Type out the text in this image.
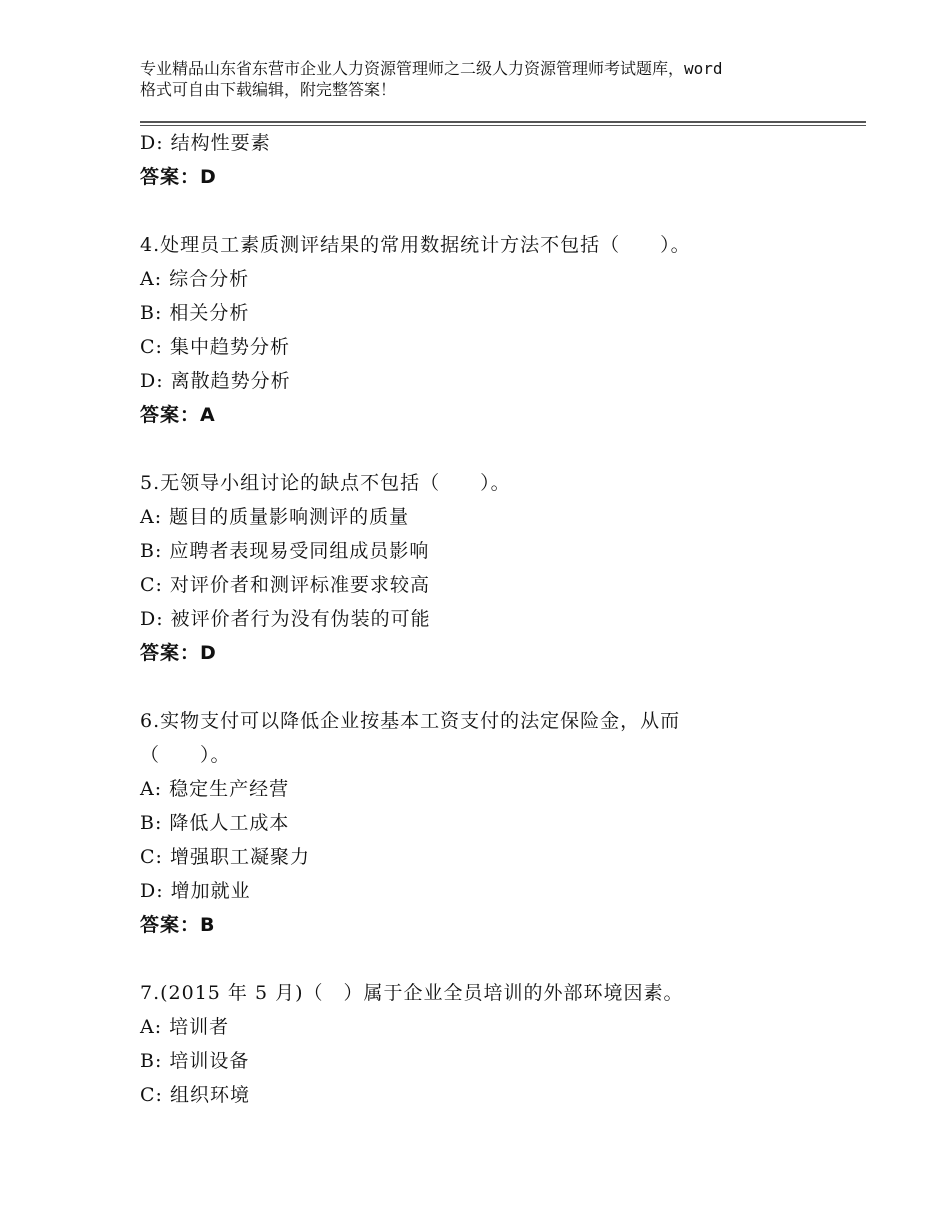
专业精品山东省东营市企业人力资源管理师之二级人力资源管理师考试题库，word
格式可自由下载编辑，附完整答案！
D: 结构性要素
答案：D
4.处理员工素质测评结果的常用数据统计方法不包括（　　）。
A: 综合分析
B: 相关分析
C: 集中趋势分析
D: 离散趋势分析
答案：A
5.无领导小组讨论的缺点不包括（　　）。
A: 题目的质量影响测评的质量
B: 应聘者表现易受同组成员影响
C: 对评价者和测评标准要求较高
D: 被评价者行为没有伪装的可能
答案：D
6.实物支付可以降低企业按基本工资支付的法定保险金，从而
（　　）。
A: 稳定生产经营
B: 降低人工成本
C: 增强职工凝聚力
D: 增加就业
答案：B
7.(2015 年 5 月)（　）属于企业全员培训的外部环境因素。
A: 培训者
B: 培训设备
C: 组织环境
